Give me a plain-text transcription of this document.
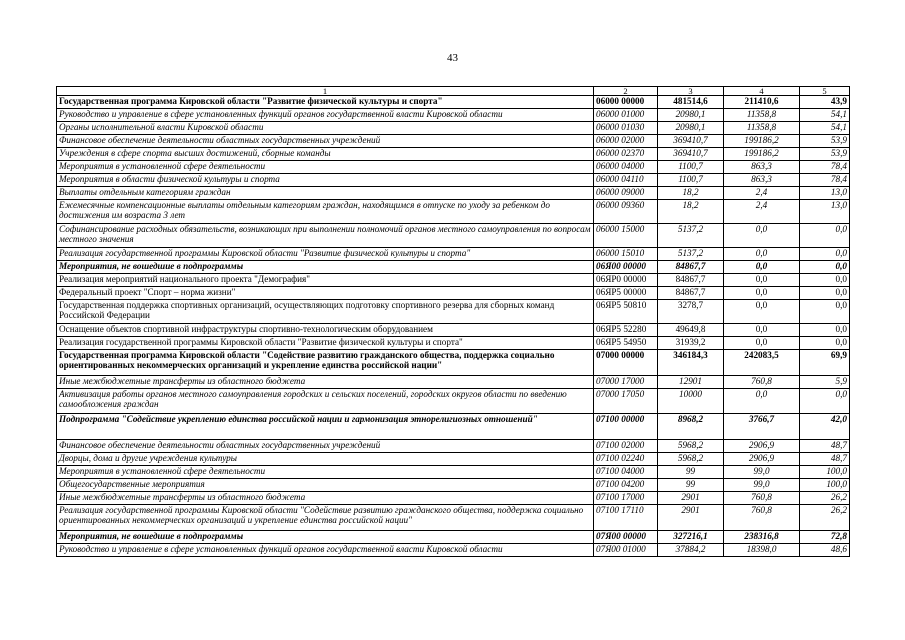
43
1	2	3	4	5
Государственная программа Кировской области "Развитие физической культуры и спорта"	06000 00000	481514,6	211410,6	43,9
Руководство и управление в сфере установленных функций органов государственной власти Кировской области	06000 01000	20980,1	11358,8	54,1
Органы исполнительной власти Кировской области	06000 01030	20980,1	11358,8	54,1
Финансовое обеспечение деятельности областных государственных учреждений	06000 02000	369410,7	199186,2	53,9
Учреждения в сфере спорта высших достижений, сборные команды	06000 02370	369410,7	199186,2	53,9
Мероприятия в установленной сфере деятельности	06000 04000	1100,7	863,3	78,4
Мероприятия в области физической культуры и спорта	06000 04110	1100,7	863,3	78,4
Выплаты отдельным категориям граждан	06000 09000	18,2	2,4	13,0
Ежемесячные компенсационные выплаты отдельным категориям граждан, находящимся в отпуске по уходу за ребенком до достижения им возраста 3 лет	06000 09360	18,2	2,4	13,0
Софинансирование расходных обязательств, возникающих при выполнении полномочий органов местного самоуправления по вопросам местного значения	06000 15000	5137,2	0,0	0,0
Реализация государственной программы Кировской области "Развитие физической культуры и спорта"	06000 15010	5137,2	0,0	0,0
Мероприятия, не вошедшие в подпрограммы	06Я00 00000	84867,7	0,0	0,0
Реализация мероприятий национального проекта "Демография"	06ЯР0 00000	84867,7	0,0	0,0
Федеральный проект "Спорт – норма жизни"	06ЯР5 00000	84867,7	0,0	0,0
Государственная поддержка спортивных организаций, осуществляющих подготовку спортивного резерва для сборных команд Российской Федерации	06ЯР5 50810	3278,7	0,0	0,0
Оснащение объектов спортивной инфраструктуры спортивно-технологическим оборудованием	06ЯР5 52280	49649,8	0,0	0,0
Реализация государственной программы Кировской области "Развитие физической культуры и спорта"	06ЯР5 54950	31939,2	0,0	0,0
Государственная программа Кировской области "Содействие развитию гражданского общества, поддержка социально ориентированных некоммерческих организаций и укрепление единства российской нации"	07000 00000	346184,3	242083,5	69,9
Иные межбюджетные трансферты из областного бюджета	07000 17000	12901	760,8	5,9
Активизация работы органов местного самоуправления городских и сельских поселений, городских округов области по введению самообложения граждан	07000 17050	10000	0,0	0,0
Подпрограмма "Содействие укреплению единства российской нации и гармонизация этнорелигиозных отношений"	07100 00000	8968,2	3766,7	42,0
Финансовое обеспечение деятельности областных государственных учреждений	07100 02000	5968,2	2906,9	48,7
Дворцы, дома и другие учреждения культуры	07100 02240	5968,2	2906,9	48,7
Мероприятия в установленной сфере деятельности	07100 04000	99	99,0	100,0
Общегосударственные мероприятия	07100 04200	99	99,0	100,0
Иные межбюджетные трансферты из областного бюджета	07100 17000	2901	760,8	26,2
Реализация государственной программы Кировской области "Содействие развитию гражданского общества, поддержка социально ориентированных некоммерческих организаций и укрепление единства российской нации"	07100 17110	2901	760,8	26,2
Мероприятия, не вошедшие в подпрограммы	07Я00 00000	327216,1	238316,8	72,8
Руководство и управление в сфере установленных функций органов государственной власти Кировской области	07Я00 01000	37884,2	18398,0	48,6
